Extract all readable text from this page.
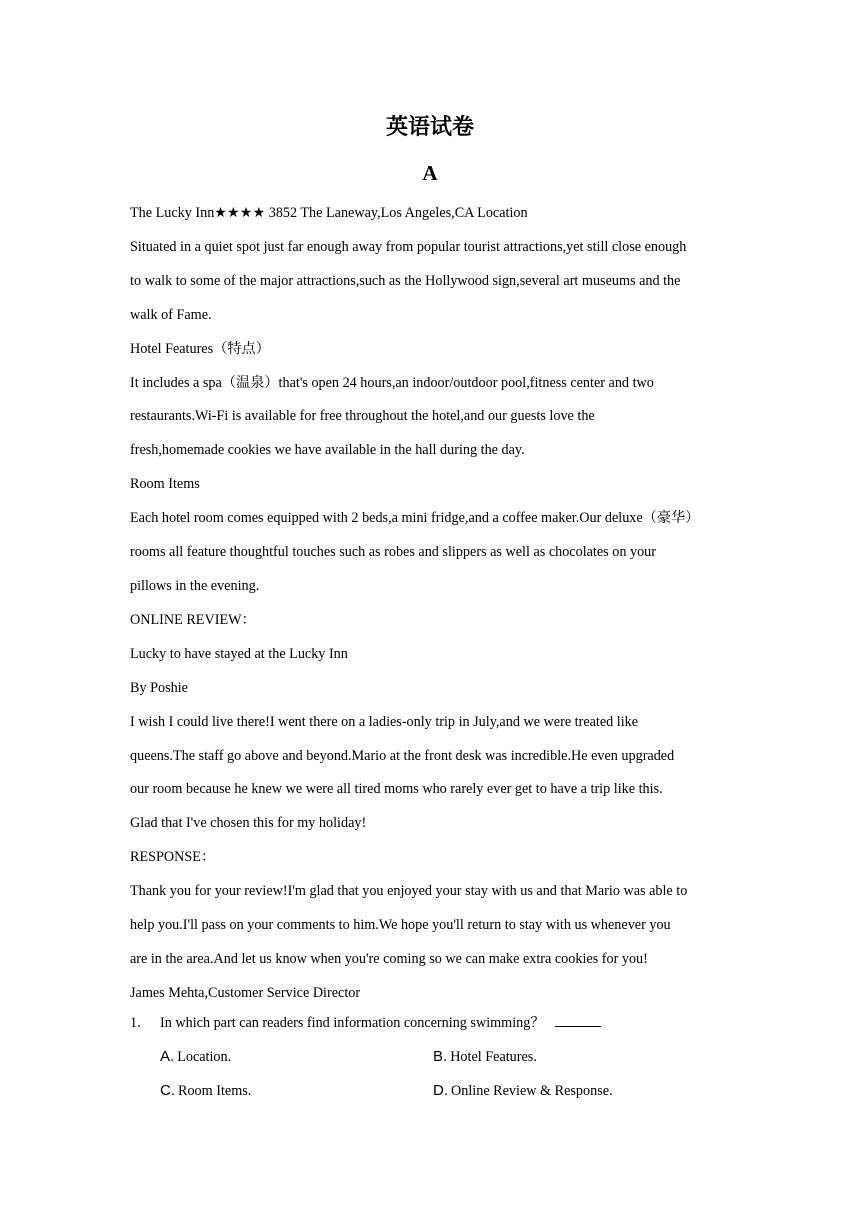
英语试卷
A

The Lucky Inn★★★★ 3852 The Laneway,Los Angeles,CA Location

Situated in a quiet spot just far enough away from popular tourist attractions,yet still close enough

to walk to some of the major attractions,such as the Hollywood sign,several art museums and the

walk of Fame.

Hotel Features（特点）

It includes a spa（温泉）that's open 24 hours,an indoor/outdoor pool,fitness center and two

restaurants.Wi-Fi is available for free throughout the hotel,and our guests love the

fresh,homemade cookies we have available in the hall during the day.

Room Items

Each hotel room comes equipped with 2 beds,a mini fridge,and a coffee maker.Our deluxe（豪华）

rooms all feature thoughtful touches such as robes and slippers as well as chocolates on your

pillows in the evening.

ONLINE REVIEW：

Lucky to have stayed at the Lucky Inn

By Poshie

I wish I could live there!I went there on a ladies-only trip in July,and we were treated like

queens.The staff go above and beyond.Mario at the front desk was incredible.He even upgraded

our room because he knew we were all tired moms who rarely ever get to have a trip like this.

Glad that I've chosen this for my holiday!

RESPONSE：

Thank you for your review!I'm glad that you enjoyed your stay with us and that Mario was able to

help you.I'll pass on your comments to him.We hope you'll return to stay with us whenever you

are in the area.And let us know when you're coming so we can make extra cookies for you!

James Mehta,Customer Service Director

1. In which part can readers find information concerning swimming？
A. Location.	B. Hotel Features.
C. Room Items.	D. Online Review & Response.
